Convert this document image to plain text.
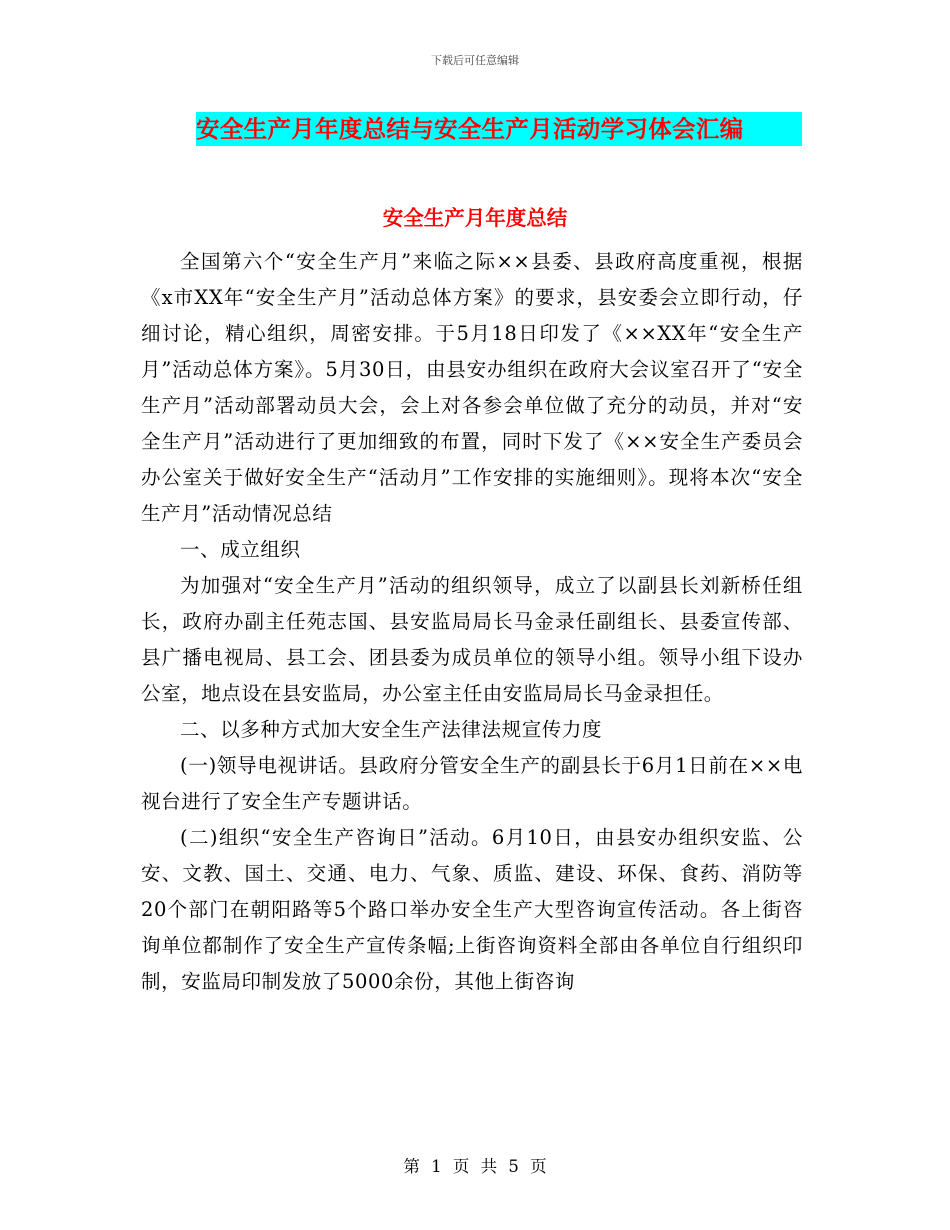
下载后可任意编辑
安全生产月年度总结与安全生产月活动学习体会汇编
安全生产月年度总结

全国第六个“安全生产月”来临之际××县委、县政府高度重视，根据《x市XX年“安全生产月”活动总体方案》的要求，县安委会立即行动，仔细讨论，精心组织，周密安排。于5月18日印发了《××XX年“安全生产月”活动总体方案》。5月30日，由县安办组织在政府大会议室召开了“安全生产月”活动部署动员大会，会上对各参会单位做了充分的动员，并对“安全生产月”活动进行了更加细致的布置，同时下发了《××安全生产委员会办公室关于做好安全生产“活动月”工作安排的实施细则》。现将本次“安全生产月”活动情况总结

一、成立组织

为加强对“安全生产月”活动的组织领导，成立了以副县长刘新桥任组长，政府办副主任苑志国、县安监局局长马金录任副组长、县委宣传部、县广播电视局、县工会、团县委为成员单位的领导小组。领导小组下设办公室，地点设在县安监局，办公室主任由安监局局长马金录担任。

二、以多种方式加大安全生产法律法规宣传力度

(一)领导电视讲话。县政府分管安全生产的副县长于6月1日前在××电视台进行了安全生产专题讲话。

(二)组织“安全生产咨询日”活动。6月10日，由县安办组织安监、公安、文教、国土、交通、电力、气象、质监、建设、环保、食药、消防等20个部门在朝阳路等5个路口举办安全生产大型咨询宣传活动。各上街咨询单位都制作了安全生产宣传条幅;上街咨询资料全部由各单位自行组织印制，安监局印制发放了5000余份，其他上街咨询

第 1 页 共 5 页
